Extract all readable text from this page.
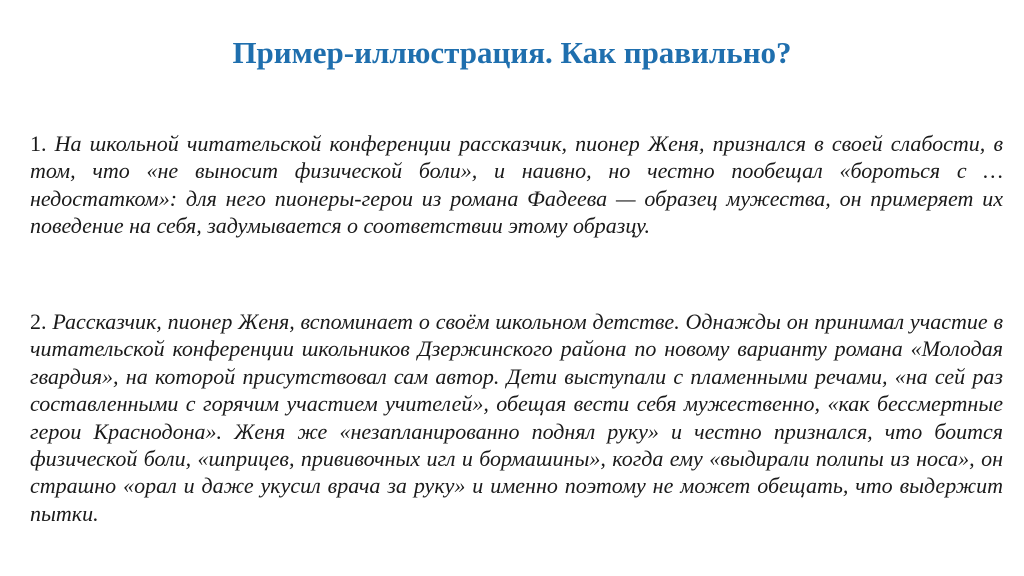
Пример-иллюстрация. Как правильно?

1. На школьной читательской конференции рассказчик, пионер Женя, признался в своей слабости, в том, что «не выносит физической боли», и наивно, но честно пообещал «бороться с … недостатком»: для него пионеры-герои из романа Фадеева — образец мужества, он примеряет их поведение на себя, задумывается о соответствии этому образцу.

2. Рассказчик, пионер Женя, вспоминает о своём школьном детстве. Однажды он принимал участие в читательской конференции школьников Дзержинского района по новому варианту романа «Молодая гвардия», на которой присутствовал сам автор. Дети выступали с пламенными речами, «на сей раз составленными с горячим участием учителей», обещая вести себя мужественно, «как бессмертные герои Краснодона». Женя же «незапланированно поднял руку» и честно признался, что боится физической боли, «шприцев, прививочных игл и бормашины», когда ему «выдирали полипы из носа», он страшно «орал и даже укусил врача за руку» и именно поэтому не может обещать, что выдержит пытки.
